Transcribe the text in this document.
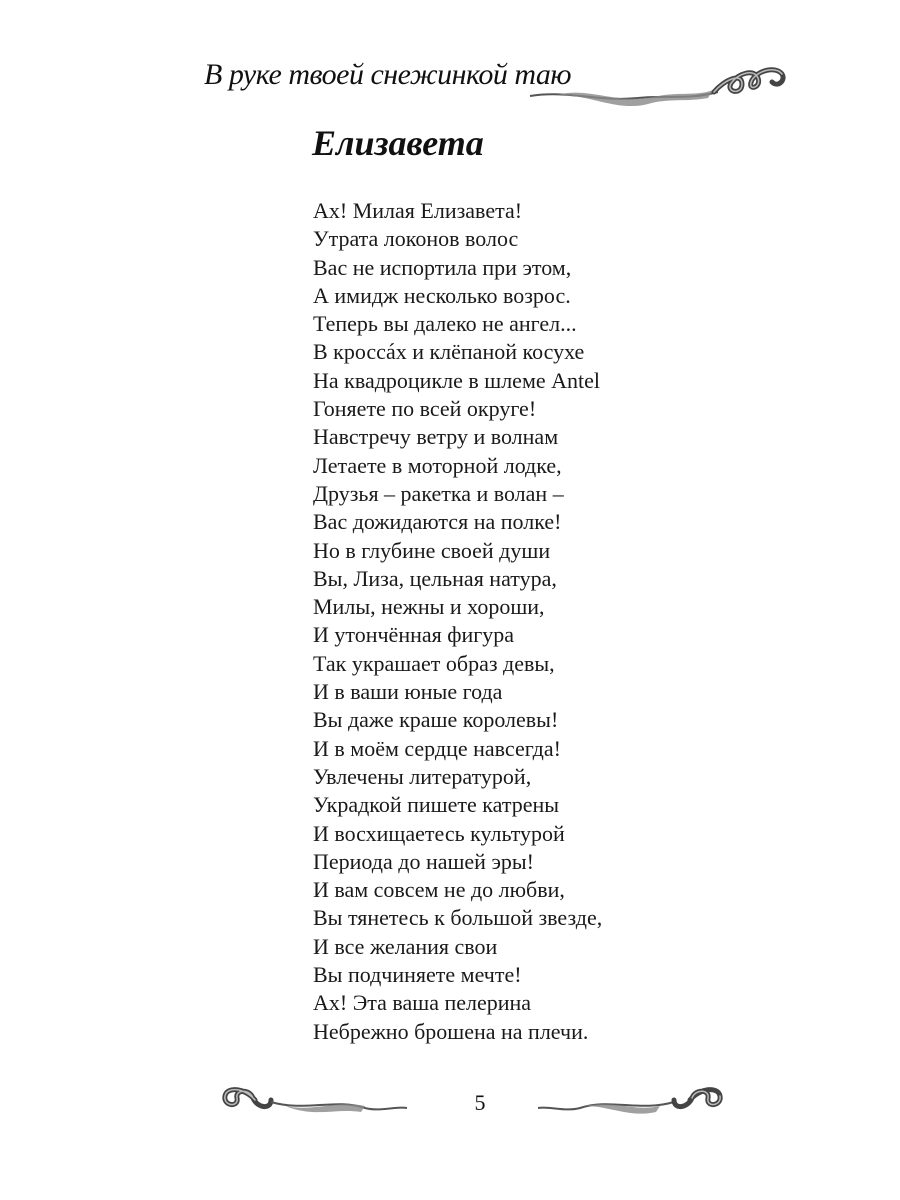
В руке твоей снежинкой таю
Елизавета
Ах! Милая Елизавета!
Утрата локонов волос
Вас не испортила при этом,
А имидж несколько возрос.
Теперь вы далеко не ангел...
В кроссáх и клёпаной косухе
На квадроцикле в шлеме Antel
Гоняете по всей округе!
Навстречу ветру и волнам
Летаете в моторной лодке,
Друзья – ракетка и волан –
Вас дожидаются на полке!
Но в глубине своей души
Вы, Лиза, цельная натура,
Милы, нежны и хороши,
И утончённая фигура
Так украшает образ девы,
И в ваши юные года
Вы даже краше королевы!
И в моём сердце навсегда!
Увлечены литературой,
Украдкой пишете катрены
И восхищаетесь культурой
Периода до нашей эры!
И вам совсем не до любви,
Вы тянетесь к большой звезде,
И все желания свои
Вы подчиняете мечте!
Ах! Эта ваша пелерина
Небрежно брошена на плечи.
5
